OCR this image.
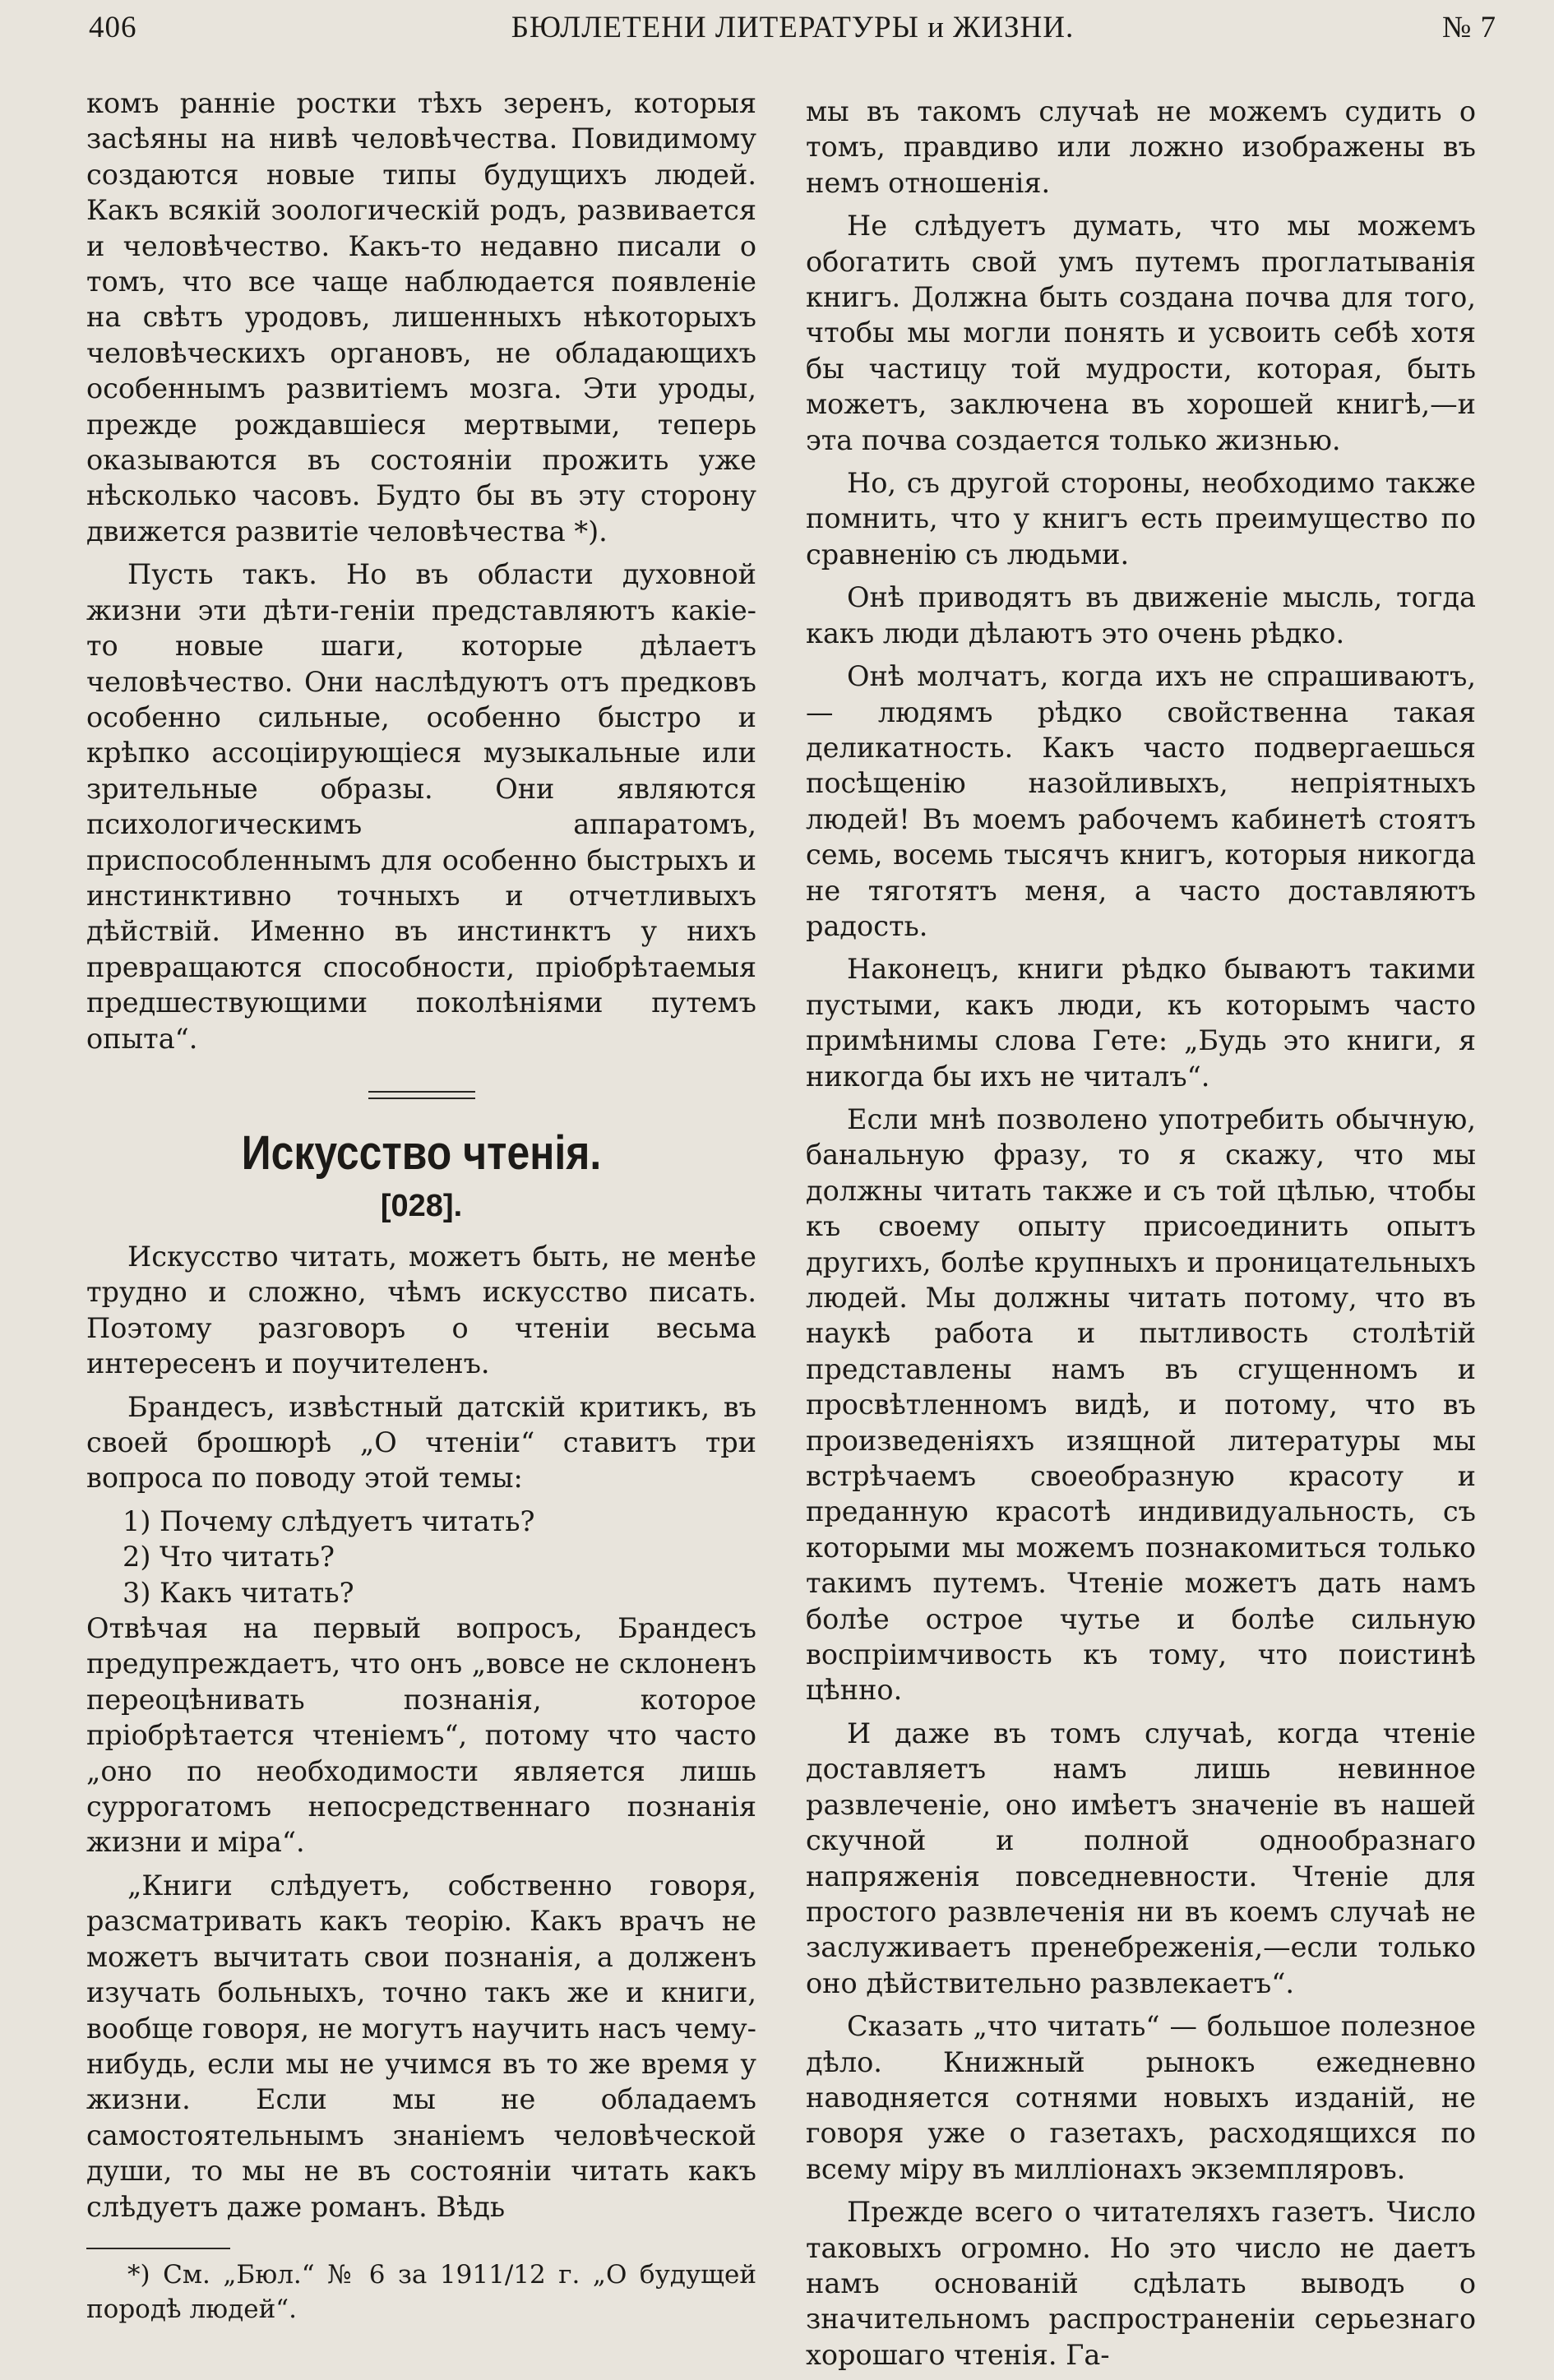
406	БЮЛЛЕТЕНИ ЛИТЕРАТУРЫ и ЖИЗНИ.	№ 7

комъ ранніе ростки тѣхъ зеренъ, которыя засѣяны на нивѣ человѣчества. Повидимому создаются новые типы будущихъ людей. Какъ всякій зоологическій родъ, развивается и человѣчество. Какъ-то недавно писали о томъ, что все чаще наблюдается появленіе на свѣтъ уродовъ, лишенныхъ нѣкоторыхъ человѣческихъ органовъ, не обладающихъ особеннымъ развитіемъ мозга. Эти уроды, прежде рождавшіеся мертвыми, теперь оказываются въ состояніи прожить уже нѣсколько часовъ. Будто бы въ эту сторону движется развитіе человѣчества *).

Пусть такъ. Но въ области духовной жизни эти дѣти-геніи представляютъ какіе-то новые шаги, которые дѣлаетъ человѣчество. Они наслѣдуютъ отъ предковъ особенно сильные, особенно быстро и крѣпко ассоціирующіеся музыкальные или зрительные образы. Они являются психологическимъ аппаратомъ, приспособленнымъ для особенно быстрыхъ и инстинктивно точныхъ и отчетливыхъ дѣйствій. Именно въ инстинктъ у нихъ превращаются способности, пріобрѣтаемыя предшествующими поколѣніями путемъ опыта“.

Искусство чтенія.
[028].

Искусство читать, можетъ быть, не менѣе трудно и сложно, чѣмъ искусство писать. Поэтому разговоръ о чтеніи весьма интересенъ и поучителенъ.

Брандесъ, извѣстный датскій критикъ, въ своей брошюрѣ „О чтеніи“ ставитъ три вопроса по поводу этой темы:

1) Почему слѣдуетъ читать?

2) Что читать?

3) Какъ читать?

Отвѣчая на первый вопросъ, Брандесъ предупреждаетъ, что онъ „вовсе не склоненъ переоцѣнивать познанія, которое пріобрѣтается чтеніемъ“, потому что часто „оно по необходимости является лишь суррогатомъ непосредственнаго познанія жизни и міра“.

„Книги слѣдуетъ, собственно говоря, разсматривать какъ теорію. Какъ врачъ не можетъ вычитать свои познанія, а долженъ изучать больныхъ, точно такъ же и книги, вообще говоря, не могутъ научить насъ чему-нибудь, если мы не учимся въ то же время у жизни. Если мы не обладаемъ самостоятельнымъ знаніемъ человѣческой души, то мы не въ состояніи читать какъ слѣдуетъ даже романъ. Вѣдь

*) См. „Бюл.“ № 6 за 1911/12 г. „О будущей породѣ людей“.

мы въ такомъ случаѣ не можемъ судить о томъ, правдиво или ложно изображены въ немъ отношенія.

Не слѣдуетъ думать, что мы можемъ обогатить свой умъ путемъ проглатыванія книгъ. Должна быть создана почва для того, чтобы мы могли понять и усвоить себѣ хотя бы частицу той мудрости, которая, быть можетъ, заключена въ хорошей книгѣ,—и эта почва создается только жизнью.

Но, съ другой стороны, необходимо также помнить, что у книгъ есть преимущество по сравненію съ людьми.

Онѣ приводятъ въ движеніе мысль, тогда какъ люди дѣлаютъ это очень рѣдко.

Онѣ молчатъ, когда ихъ не спрашиваютъ,— людямъ рѣдко свойственна такая деликатность. Какъ часто подвергаешься посѣщенію назойливыхъ, непріятныхъ людей! Въ моемъ рабочемъ кабинетѣ стоятъ семь, восемь тысячъ книгъ, которыя никогда не тяготятъ меня, а часто доставляютъ радость.

Наконецъ, книги рѣдко бываютъ такими пустыми, какъ люди, къ которымъ часто примѣнимы слова Гете: „Будь это книги, я никогда бы ихъ не читалъ“.

Если мнѣ позволено употребить обычную, банальную фразу, то я скажу, что мы должны читать также и съ той цѣлью, чтобы къ своему опыту присоединить опытъ другихъ, болѣе крупныхъ и проницательныхъ людей. Мы должны читать потому, что въ наукѣ работа и пытливость столѣтій представлены намъ въ сгущенномъ и просвѣтленномъ видѣ, и потому, что въ произведеніяхъ изящной литературы мы встрѣчаемъ своеобразную красоту и преданную красотѣ индивидуальность, съ которыми мы можемъ познакомиться только такимъ путемъ. Чтеніе можетъ дать намъ болѣе острое чутье и болѣе сильную воспріимчивость къ тому, что поистинѣ цѣнно.

И даже въ томъ случаѣ, когда чтеніе доставляетъ намъ лишь невинное развлеченіе, оно имѣетъ значеніе въ нашей скучной и полной однообразнаго напряженія повседневности. Чтеніе для простого развлеченія ни въ коемъ случаѣ не заслуживаетъ пренебреженія,—если только оно дѣйствительно развлекаетъ“.

Сказать „что читать“ — большое полезное дѣло. Книжный рынокъ ежедневно наводняется сотнями новыхъ изданій, не говоря уже о газетахъ, расходящихся по всему міру въ милліонахъ экземпляровъ.

Прежде всего о читателяхъ газетъ. Число таковыхъ огромно. Но это число не даетъ намъ основаній сдѣлать выводъ о значительномъ распространеніи серьезнаго хорошаго чтенія. Га-
